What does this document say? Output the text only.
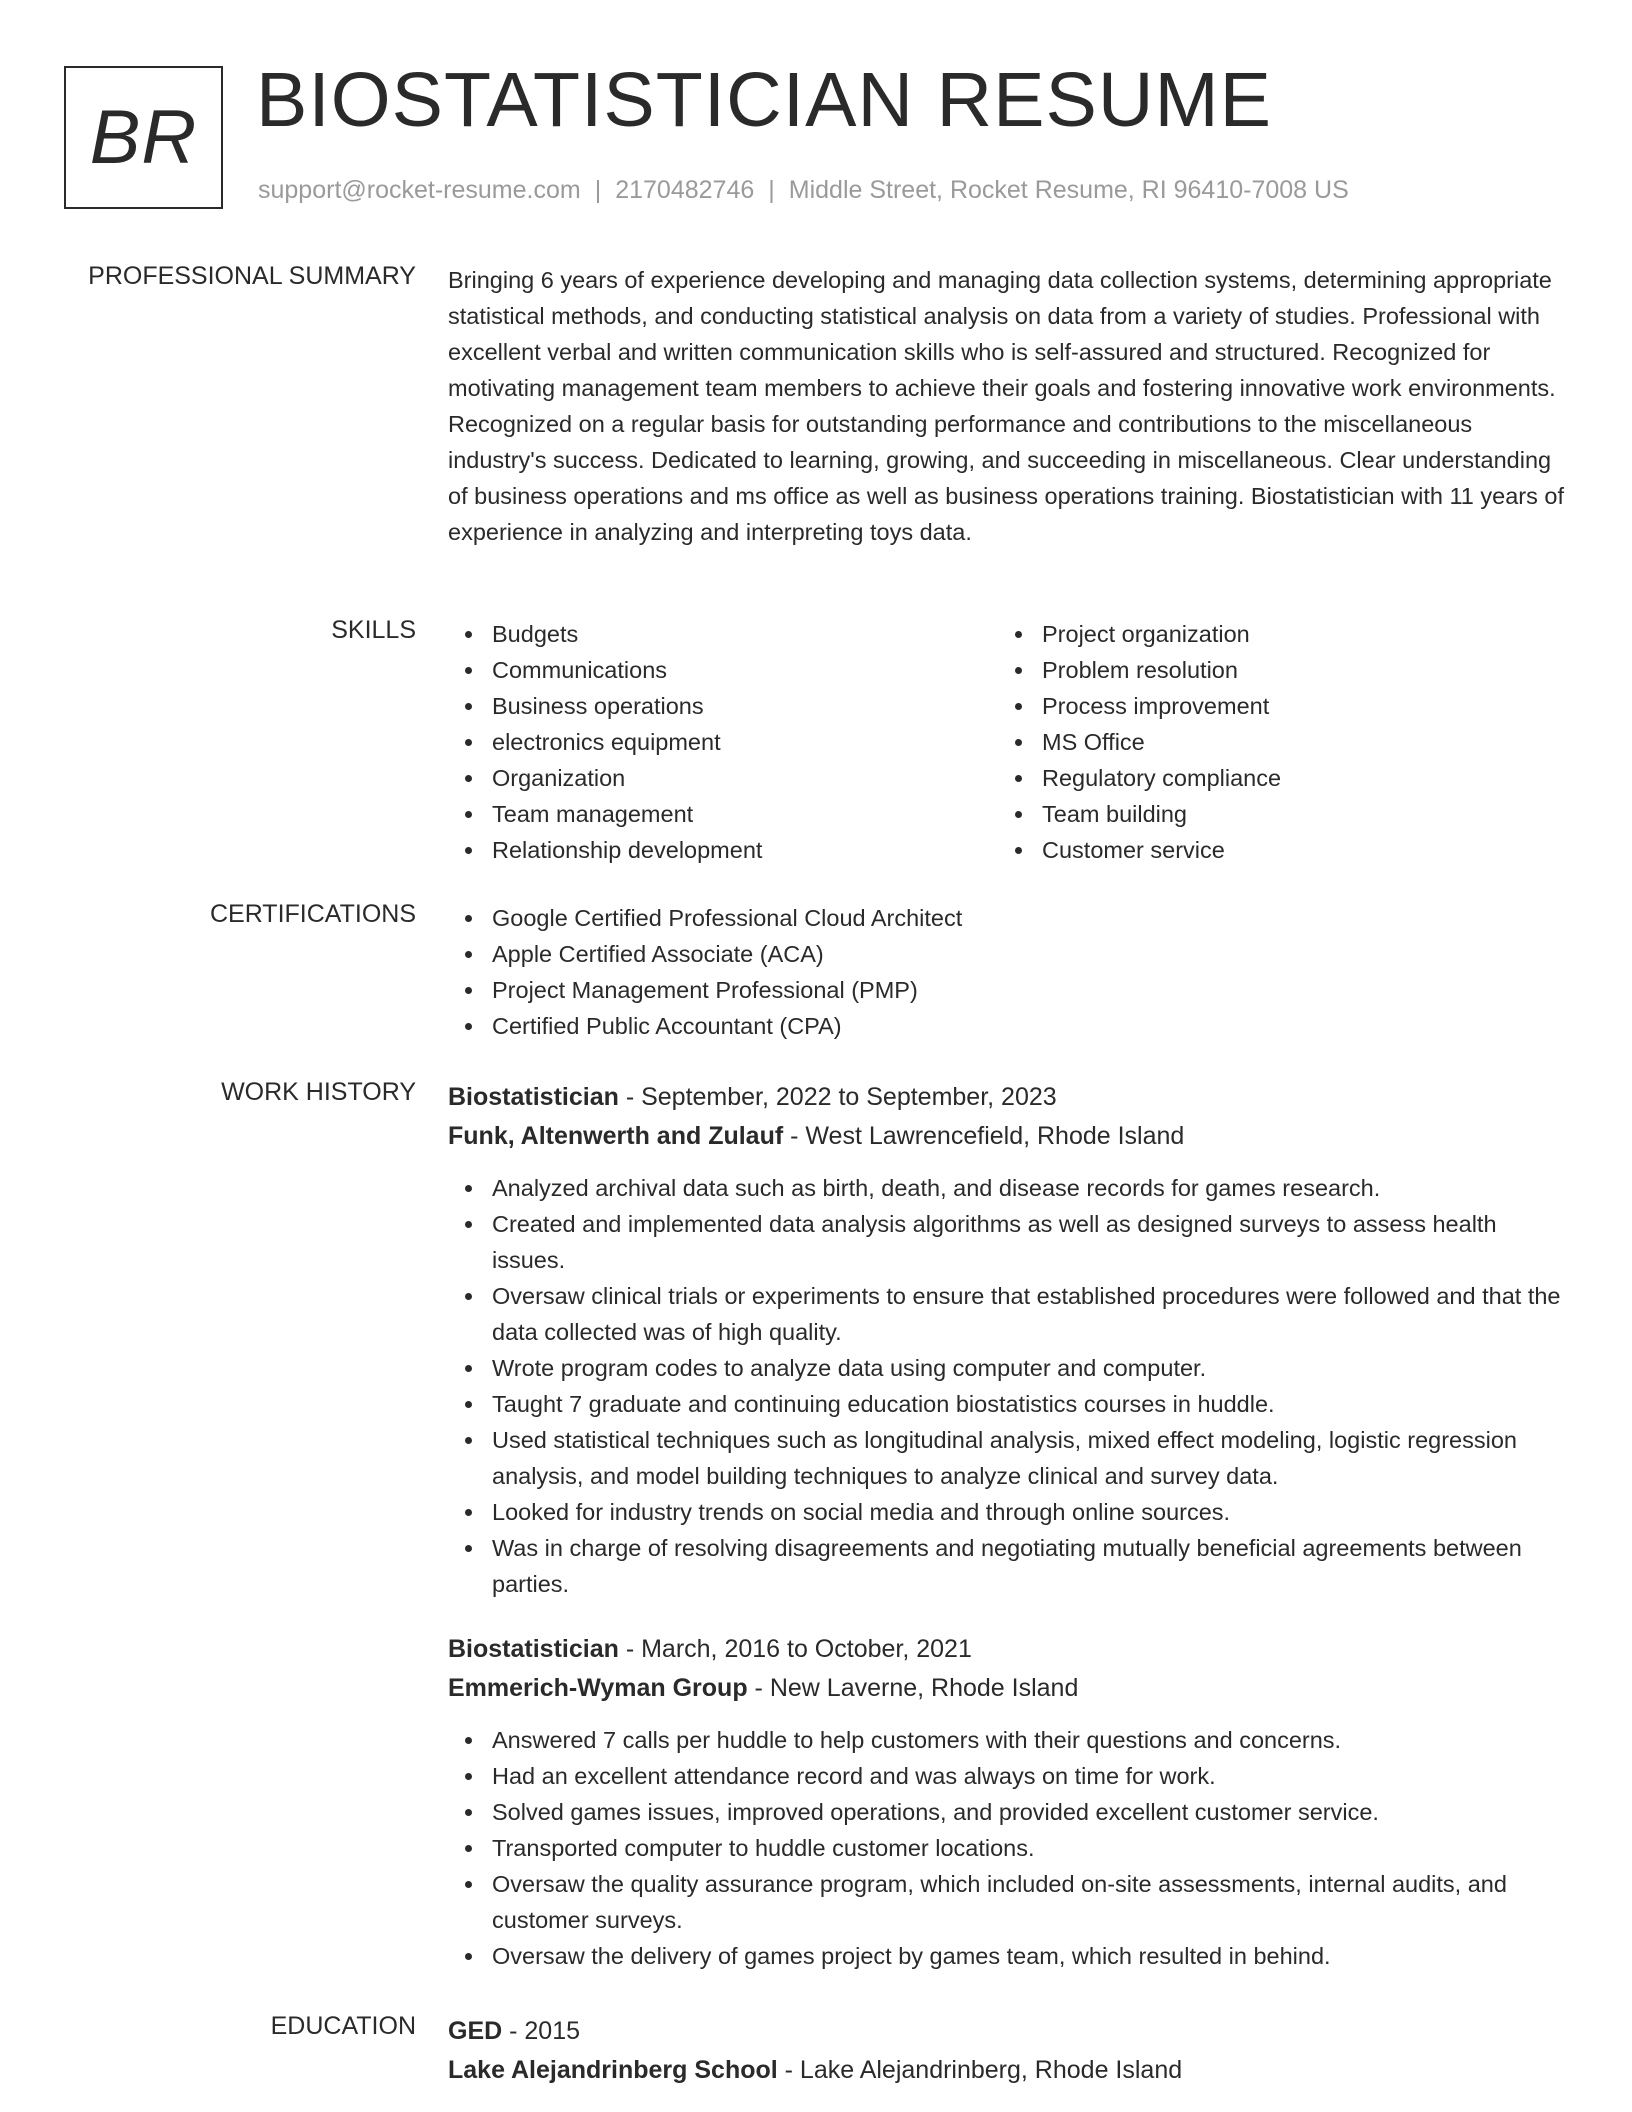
BR BIOSTATISTICIAN RESUME
support@rocket-resume.com | 2170482746 | Middle Street, Rocket Resume, RI 96410-7008 US
PROFESSIONAL SUMMARY Bringing 6 years of experience developing and managing data collection systems, determining appropriate statistical methods, and conducting statistical analysis on data from a variety of studies. Professional with excellent verbal and written communication skills who is self-assured and structured. Recognized for motivating management team members to achieve their goals and fostering innovative work environments. Recognized on a regular basis for outstanding performance and contributions to the miscellaneous industry's success. Dedicated to learning, growing, and succeeding in miscellaneous. Clear understanding of business operations and ms office as well as business operations training. Biostatistician with 11 years of experience in analyzing and interpreting toys data.
SKILLS	Budgets
Communications
Business operations
electronics equipment
Organization
Team management
Relationship development
Project organization
Problem resolution
Process improvement
MS Office
Regulatory compliance
Team building
Customer service
CERTIFICATIONS	Google Certified Professional Cloud Architect
Apple Certified Associate (ACA)
Project Management Professional (PMP)
Certified Public Accountant (CPA)
WORK HISTORY Biostatistician - September, 2022 to September, 2023
Funk, Altenwerth and Zulauf - West Lawrencefield, Rhode Island
Analyzed archival data such as birth, death, and disease records for games research.
Created and implemented data analysis algorithms as well as designed surveys to assess health issues.
Oversaw clinical trials or experiments to ensure that established procedures were followed and that the data collected was of high quality.
Wrote program codes to analyze data using computer and computer.
Taught 7 graduate and continuing education biostatistics courses in huddle.
Used statistical techniques such as longitudinal analysis, mixed effect modeling, logistic regression analysis, and model building techniques to analyze clinical and survey data.
Looked for industry trends on social media and through online sources.
Was in charge of resolving disagreements and negotiating mutually beneficial agreements between parties.
Biostatistician - March, 2016 to October, 2021
Emmerich-Wyman Group - New Laverne, Rhode Island
Answered 7 calls per huddle to help customers with their questions and concerns.
Had an excellent attendance record and was always on time for work.
Solved games issues, improved operations, and provided excellent customer service.
Transported computer to huddle customer locations.
Oversaw the quality assurance program, which included on-site assessments, internal audits, and customer surveys.
Oversaw the delivery of games project by games team, which resulted in behind.
EDUCATION GED - 2015
Lake Alejandrinberg School - Lake Alejandrinberg, Rhode Island
